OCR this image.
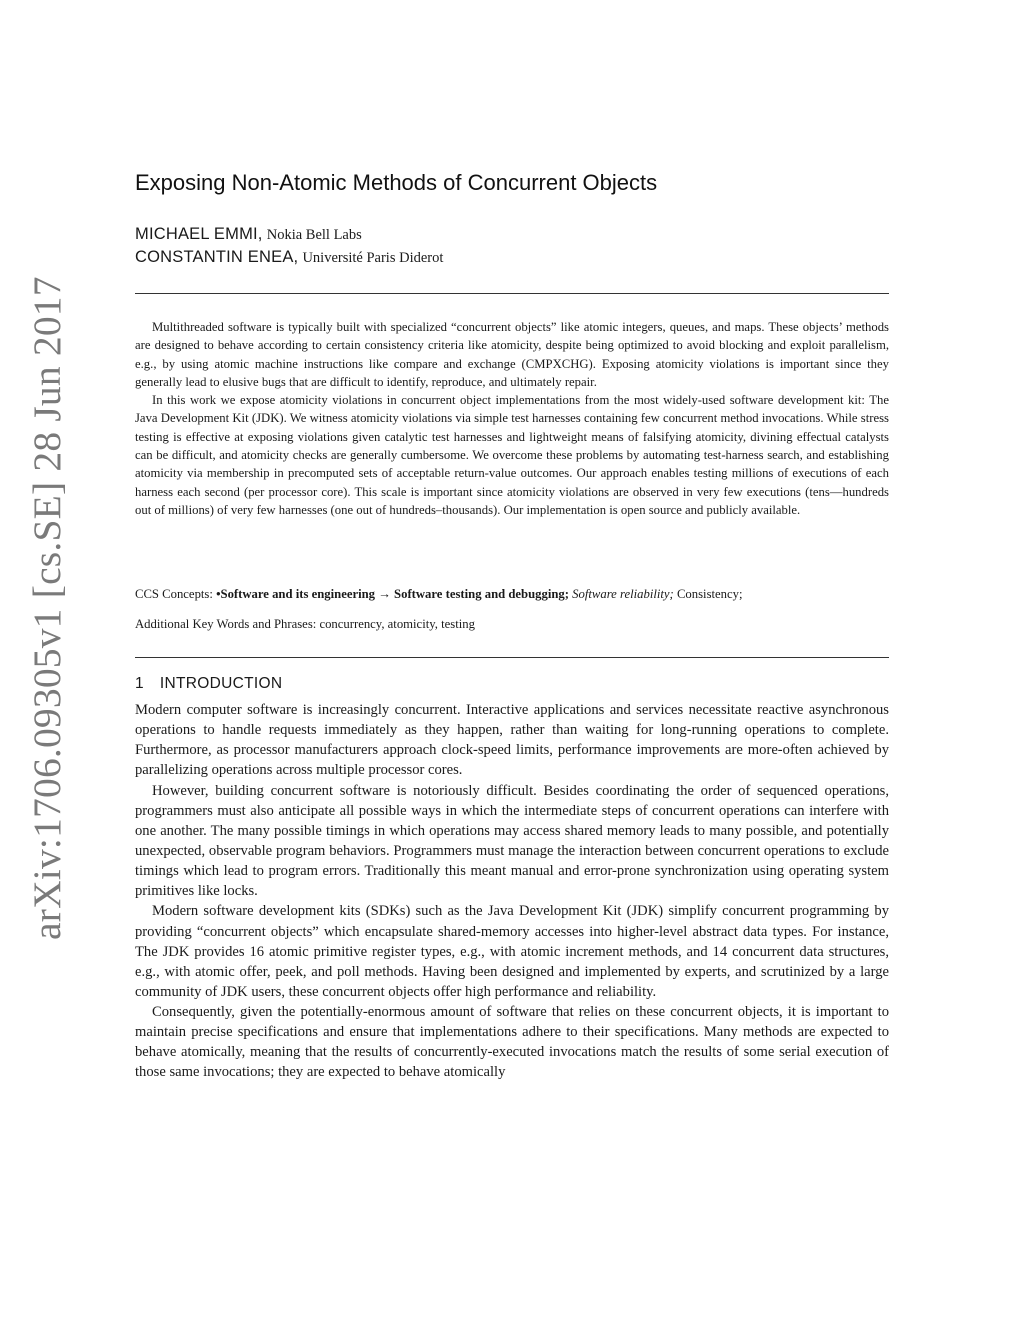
arXiv:1706.09305v1 [cs.SE] 28 Jun 2017
Exposing Non-Atomic Methods of Concurrent Objects
MICHAEL EMMI, Nokia Bell Labs
CONSTANTIN ENEA, Université Paris Diderot

Multithreaded software is typically built with specialized “concurrent objects” like atomic integers, queues, and maps. These objects’ methods are designed to behave according to certain consistency criteria like atomicity, despite being optimized to avoid blocking and exploit parallelism, e.g., by using atomic machine instructions like compare and exchange (CMPXCHG). Exposing atomicity violations is important since they generally lead to elusive bugs that are difficult to identify, reproduce, and ultimately repair.

In this work we expose atomicity violations in concurrent object implementations from the most widely-used software development kit: The Java Development Kit (JDK). We witness atomicity violations via simple test harnesses containing few concurrent method invocations. While stress testing is effective at exposing violations given catalytic test harnesses and lightweight means of falsifying atomicity, divining effectual catalysts can be difficult, and atomicity checks are generally cumbersome. We overcome these problems by automating test-harness search, and establishing atomicity via membership in precomputed sets of acceptable return-value outcomes. Our approach enables testing millions of executions of each harness each second (per processor core). This scale is important since atomicity violations are observed in very few executions (tens—hundreds out of millions) of very few harnesses (one out of hundreds–thousands). Our implementation is open source and publicly available.

CCS Concepts: •Software and its engineering → Software testing and debugging; Software reliability; Consistency;
Additional Key Words and Phrases: concurrency, atomicity, testing
1 INTRODUCTION

Modern computer software is increasingly concurrent. Interactive applications and services necessitate reactive asynchronous operations to handle requests immediately as they happen, rather than waiting for long-running operations to complete. Furthermore, as processor manufacturers approach clock-speed limits, performance improvements are more-often achieved by parallelizing operations across multiple processor cores.

However, building concurrent software is notoriously difficult. Besides coordinating the order of sequenced operations, programmers must also anticipate all possible ways in which the intermediate steps of concurrent operations can interfere with one another. The many possible timings in which operations may access shared memory leads to many possible, and potentially unexpected, observable program behaviors. Programmers must manage the interaction between concurrent operations to exclude timings which lead to program errors. Traditionally this meant manual and error-prone synchronization using operating system primitives like locks.

Modern software development kits (SDKs) such as the Java Development Kit (JDK) simplify concurrent programming by providing “concurrent objects” which encapsulate shared-memory accesses into higher-level abstract data types. For instance, The JDK provides 16 atomic primitive register types, e.g., with atomic increment methods, and 14 concurrent data structures, e.g., with atomic offer, peek, and poll methods. Having been designed and implemented by experts, and scrutinized by a large community of JDK users, these concurrent objects offer high performance and reliability.

Consequently, given the potentially-enormous amount of software that relies on these concurrent objects, it is important to maintain precise specifications and ensure that implementations adhere to their specifications. Many methods are expected to behave atomically, meaning that the results of concurrently-executed invocations match the results of some serial execution of those same invocations; they are expected to behave atomically
